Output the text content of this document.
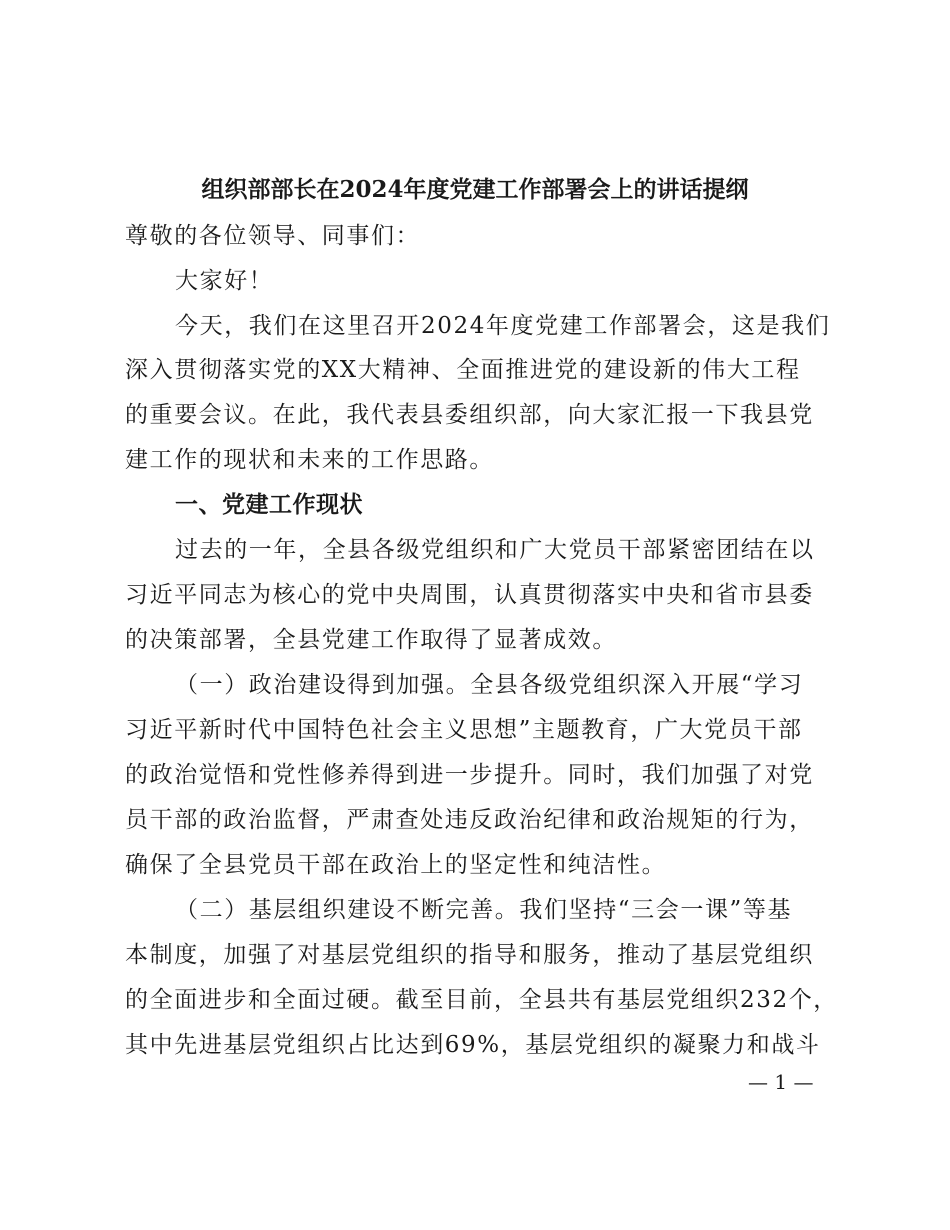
组织部部长在2024年度党建工作部署会上的讲话提纲
尊敬的各位领导、同事们：
大家好！
今天，我们在这里召开2024年度党建工作部署会，这是我们
深入贯彻落实党的XX大精神、全面推进党的建设新的伟大工程
的重要会议。在此，我代表县委组织部，向大家汇报一下我县党
建工作的现状和未来的工作思路。
一、党建工作现状
过去的一年，全县各级党组织和广大党员干部紧密团结在以
习近平同志为核心的党中央周围，认真贯彻落实中央和省市县委
的决策部署，全县党建工作取得了显著成效。
（一）政治建设得到加强。全县各级党组织深入开展“学习
习近平新时代中国特色社会主义思想”主题教育，广大党员干部
的政治觉悟和党性修养得到进一步提升。同时，我们加强了对党
员干部的政治监督，严肃查处违反政治纪律和政治规矩的行为，
确保了全县党员干部在政治上的坚定性和纯洁性。
（二）基层组织建设不断完善。我们坚持“三会一课”等基
本制度，加强了对基层党组织的指导和服务，推动了基层党组织
的全面进步和全面过硬。截至目前，全县共有基层党组织232个，
其中先进基层党组织占比达到69%，基层党组织的凝聚力和战斗
— 1 —
